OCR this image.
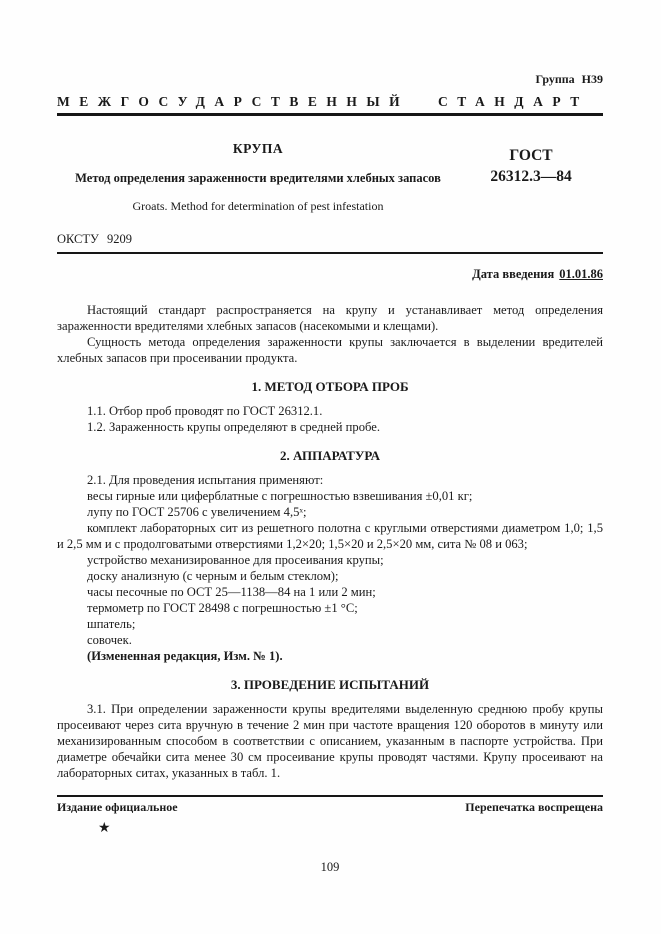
Группа Н39
МЕЖГОСУДАРСТВЕННЫЙ СТАНДАРТ
КРУПА
Метод определения зараженности вредителями хлебных запасов
Groats. Method for determination of pest infestation
ГОСТ
26312.3—84
ОКСТУ 9209
Дата введения 01.01.86

Настоящий стандарт распространяется на крупу и устанавливает метод определения зараженности вредителями хлебных запасов (насекомыми и клещами).

Сущность метода определения зараженности крупы заключается в выделении вредителей хлебных запасов при просеивании продукта.

1. МЕТОД ОТБОРА ПРОБ

1.1. Отбор проб проводят по ГОСТ 26312.1.

1.2. Зараженность крупы определяют в средней пробе.

2. АППАРАТУРА

2.1. Для проведения испытания применяют:

весы гирные или циферблатные с погрешностью взвешивания ±0,01 кг;

лупу по ГОСТ 25706 с увеличением 4,5ˣ;

комплект лабораторных сит из решетного полотна с круглыми отверстиями диаметром 1,0; 1,5 и 2,5 мм и с продолговатыми отверстиями 1,2×20; 1,5×20 и 2,5×20 мм, сита № 08 и 063;

устройство механизированное для просеивания крупы;

доску анализную (с черным и белым стеклом);

часы песочные по ОСТ 25—1138—84 на 1 или 2 мин;

термометр по ГОСТ 28498 с погрешностью ±1 °С;

шпатель;

совочек.

(Измененная редакция, Изм. № 1).

3. ПРОВЕДЕНИЕ ИСПЫТАНИЙ

3.1. При определении зараженности крупы вредителями выделенную среднюю пробу крупы просеивают через сита вручную в течение 2 мин при частоте вращения 120 оборотов в минуту или механизированным способом в соответствии с описанием, указанным в паспорте устройства. При диаметре обечайки сита менее 30 см просеивание крупы проводят частями. Крупу просеивают на лабораторных ситах, указанных в табл. 1.

Издание официальное	Перепечатка воспрещена
★
109
